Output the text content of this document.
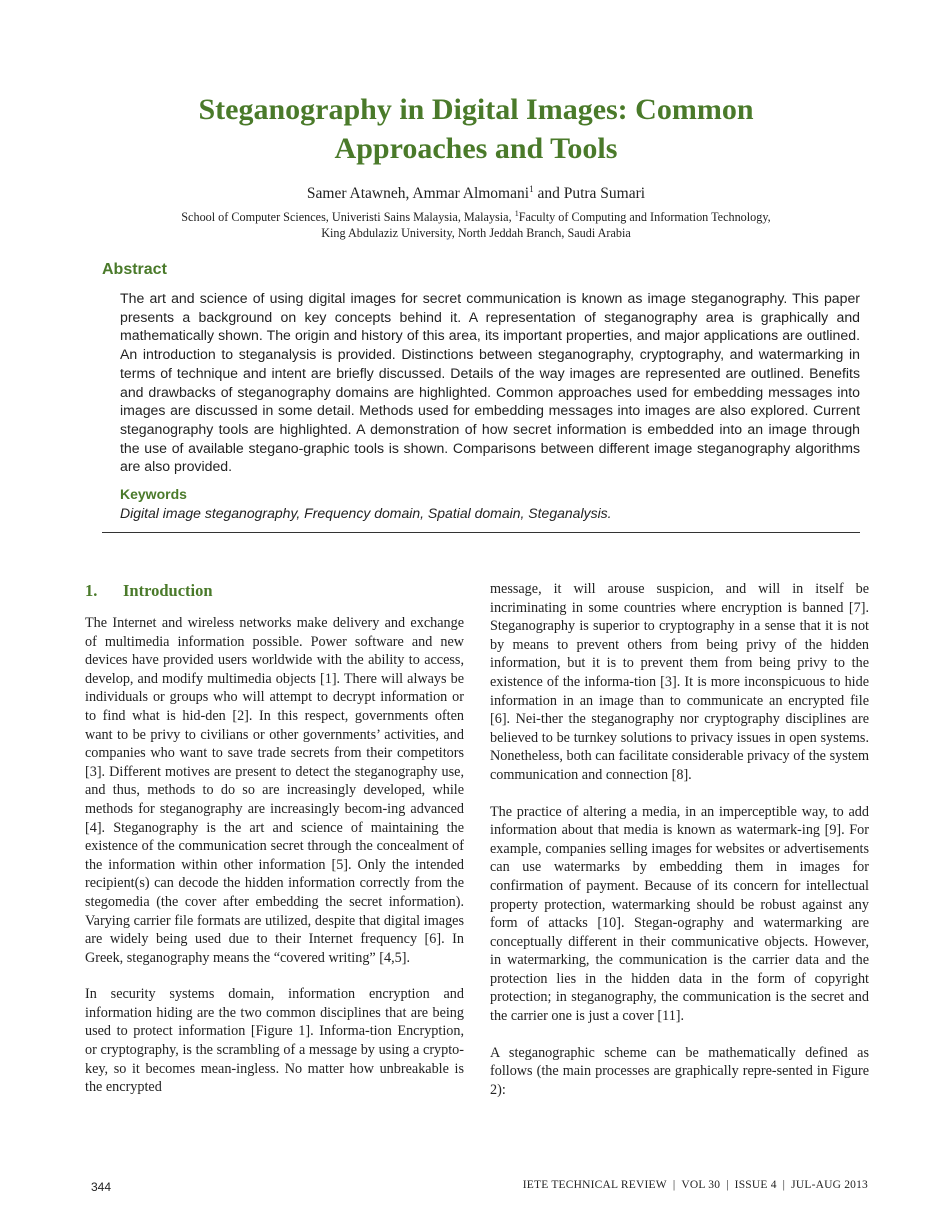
Steganography in Digital Images: Common Approaches and Tools
Samer Atawneh, Ammar Almomani$^1$ and Putra Sumari
School of Computer Sciences, Univeristi Sains Malaysia, Malaysia, $^1$Faculty of Computing and Information Technology,
King Abdulaziz University, North Jeddah Branch, Saudi Arabia
Abstract

The art and science of using digital images for secret communication is known as image steganography. This paper presents a background on key concepts behind it. A representation of steganography area is graphically and mathematically shown. The origin and history of this area, its important properties, and major applications are outlined. An introduction to steganalysis is provided. Distinctions between steganography, cryptography, and watermarking in terms of technique and intent are briefly discussed. Details of the way images are represented are outlined. Benefits and drawbacks of steganography domains are highlighted. Common approaches used for embedding messages into images are discussed in some detail. Methods used for embedding messages into images are also explored. Current steganography tools are highlighted. A demonstration of how secret information is embedded into an image through the use of available stegano-graphic tools is shown. Comparisons between different image steganography algorithms are also provided.

Keywords
Digital image steganography, Frequency domain, Spatial domain, Steganalysis.
1. Introduction

The Internet and wireless networks make delivery and exchange of multimedia information possible. Power software and new devices have provided users worldwide with the ability to access, develop, and modify multimedia objects [1]. There will always be individuals or groups who will attempt to decrypt information or to find what is hid-den [2]. In this respect, governments often want to be privy to civilians or other governments’ activities, and companies who want to save trade secrets from their competitors [3]. Different motives are present to detect the steganography use, and thus, methods to do so are increasingly developed, while methods for steganography are increasingly becom-ing advanced [4]. Steganography is the art and science of maintaining the existence of the communication secret through the concealment of the information within other information [5]. Only the intended recipient(s) can decode the hidden information correctly from the stegomedia (the cover after embedding the secret information). Varying carrier file formats are utilized, despite that digital images are widely being used due to their Internet frequency [6]. In Greek, steganography means the “covered writing” [4,5].

In security systems domain, information encryption and information hiding are the two common disciplines that are being used to protect information [Figure 1]. Informa-tion Encryption, or cryptography, is the scrambling of a message by using a crypto-key, so it becomes mean-ingless. No matter how unbreakable is the encrypted

message, it will arouse suspicion, and will in itself be incriminating in some countries where encryption is banned [7]. Steganography is superior to cryptography in a sense that it is not by means to prevent others from being privy of the hidden information, but it is to prevent them from being privy to the existence of the informa-tion [3]. It is more inconspicuous to hide information in an image than to communicate an encrypted file [6]. Nei-ther the steganography nor cryptography disciplines are believed to be turnkey solutions to privacy issues in open systems. Nonetheless, both can facilitate considerable privacy of the system communication and connection [8].

The practice of altering a media, in an imperceptible way, to add information about that media is known as watermark-ing [9]. For example, companies selling images for websites or advertisements can use watermarks by embedding them in images for confirmation of payment. Because of its concern for intellectual property protection, watermarking should be robust against any form of attacks [10]. Stegan-ography and watermarking are conceptually different in their communicative objects. However, in watermarking, the communication is the carrier data and the protection lies in the hidden data in the form of copyright protection; in steganography, the communication is the secret and the carrier one is just a cover [11].

A steganographic scheme can be mathematically defined as follows (the main processes are graphically repre-sented in Figure 2):

344	IETE TECHNICAL REVIEW | VOL 30 | ISSUE 4 | JUL-AUG 2013
